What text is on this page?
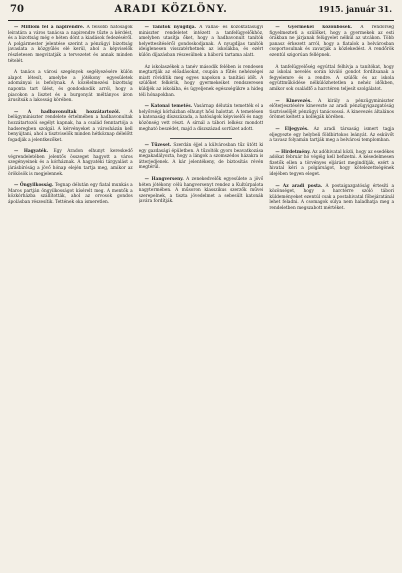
70	ARADI KÖZLÖNY.	1915. január 31.

— Millióm fel a napirendre. A felsőbb hatóságok leiratára a város tanácsa a napirendre tűzte a kérdést, és a bizottság még e héten dönt a kiadások fedezéséről. A polgármester jelentése szerint a pénzügyi bizottság javaslata a közgyűlés elé kerül, ahol a képviselők részletesen megvitatják a tervezetet és annak minden tételét.

A tanács a városi szegények segélyezésére külön alapot létesít, amelybe a jótékony egyesületek adományai is befolynak. A közélelmezési bizottság naponta tart ülést, és gondoskodik arról, hogy a piacokon a lisztet és a burgonyát méltányos áron árusítsák a lakosság körében.

— A hadbavonultak hozzátartozói. A belügyminiszter rendelete értelmében a hadbavonultak hozzátartozói segélyt kapnak, ha a család fenntartója a hadseregben szolgál. A kérvényeket a városházán kell benyújtani, ahol a tisztviselők minden hétköznap délelőtt fogadják a jelentkezőket.

— Hagyaték. Egy Aradon elhunyt kereskedő végrendeletében jelentős összeget hagyott a város szegényeinek és a kórháznak. A hagyatéki tárgyalást a járásbíróság a jövő hónap elején tartja meg, amikor az örökösök is megjelennek.

— Öngyilkosság. Tegnap délután egy fiatal munkás a Maros partján öngyilkosságot kísérelt meg. A mentők a közkórházba szállították, ahol az orvosok gondos ápolásban részesítik. Tettének oka ismeretlen.

— Tanítók nyugdíja. A vallás- és közoktatásügyi miniszter rendeletet intézett a tanfelügyelőkhöz, amelyben utasítja őket, hogy a hadbavonult tanítók helyettesítéséről gondoskodjanak. A nyugdíjas tanítók ideiglenesen visszatérhetnek az iskolákba, és ezért külön díjazásban részesülnek a háború tartama alatt.

Az iskolaszékek a tanév második felében is rendesen megtartják az előadásokat, csupán a fűtés nehézségei miatt rövidítik meg egyes napokon a tanítási időt. A szülőket felkérik, hogy gyermekeiket rendszeresen küldjék az iskolába, és ügyeljenek egészségükre a hideg téli hónapokban.

— Katonai temetés. Vasárnap délután temették el a helyőrségi kórházban elhunyt hősi halottat. A temetésen a katonaság díszszázada, a hatóságok képviselői és nagy közönség vett részt. A sírnál a tábori lelkész mondott megható beszédet, majd a díszszázad sortüzet adott.

— Tűzeset. Szerdán éjjel a külvárosban tűz ütött ki egy gazdasági épületben. A tűzoltók gyors beavatkozása megakadályozta, hogy a lángok a szomszédos házakra is átterjedjenek. A kár jelentékeny, de biztosítás révén megtérül.

— Hangverseny. A zenekedvelők egyesülete a jövő héten jótékony célú hangversenyt rendez a Kultúrpalota nagytermében. A műsoron klasszikus szerzők művei szerepelnek, a tiszta jövedelmet a sebesült katonák javára fordítják.

— Gyermekei közönbösek. A rendőrség figyelmezteti a szülőket, hogy a gyermekek az esti órákban ne járjanak felügyelet nélkül az utcákon. Több panasz érkezett arról, hogy a fiatalok a belvárosban csoportosulnak és zavarják a közlekedést. A rendőrök ezentúl szigorúan fellépnek.

A tanfelügyelőség egyúttal felhívja a tanítókat, hogy az iskolai nevelés során kiváló gondot fordítsanak a fegyelemre és a rendre. A szülők és az iskola együttműködése nélkülözhetetlen a nehéz időkben, amikor sok családfő a harctéren teljesít szolgálatot.

— Kinevezés. A király a pénzügyminiszter előterjesztésére kinevezte az aradi pénzügyigazgatóság tisztviselőjét pénzügyi tanácsossá. A kinevezés általános örömet keltett a kollégák körében.

— Eljegyzés. Az aradi társaság ismert tagja eljegyezte egy helybeli földbirtokos leányát. Az esküvőt a tavasz folyamán tartják meg a belvárosi templomban.

— Hirdetmény. Az adóhivatal közli, hogy az esedékes adókat február hó végéig kell befizetni. A késedelmesen fizetők ellen a törvényes eljárást megindítják, ezért a hivatal kéri a polgárságot, hogy kötelezettségének idejében tegyen eleget.

— Az aradi posta. A postaigazgatóság értesíti a közönséget, hogy a harctérre szóló tábori küldeményeket ezentúl csak a postahivatal főbejáratánál lehet feladni. A csomagok súlya nem haladhatja meg a rendeletben megszabott mértéket.
